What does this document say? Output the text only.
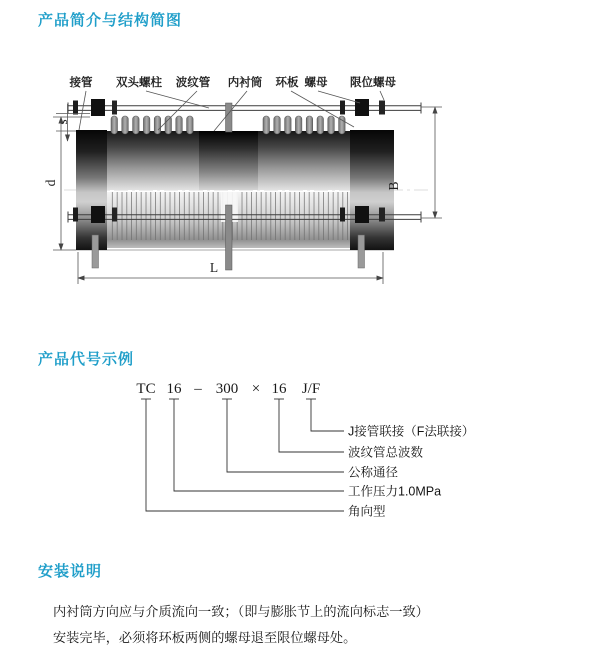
产品简介与结构简图
接管 双头螺柱 波纹管 内衬筒 环板 螺母 限位螺母
s
d	B
L
TC 16 – 300 × 16 J/F
J接管联接（F法联接）
波纹管总波数
公称通径
工作压力1.0MPa
角向型
产品代号示例
安装说明
内衬筒方向应与介质流向一致；（即与膨胀节上的流向标志一致）
安装完毕，必须将环板两侧的螺母退至限位螺母处。
